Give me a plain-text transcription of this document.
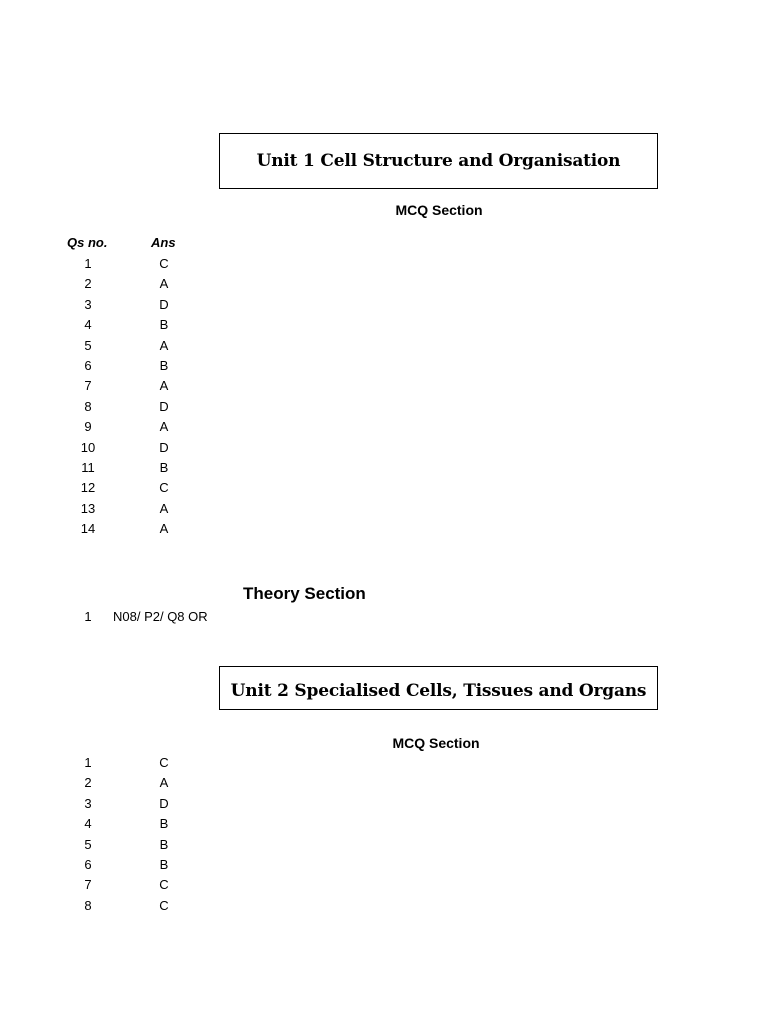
Unit 1 Cell Structure and Organisation
MCQ Section
Qs no.	Ans
1	C
2	A
3	D
4	B
5	A
6	B
7	A
8	D
9	A
10	D
11	B
12	C
13	A
14	A
Theory Section
1	N08/ P2/ Q8 OR
Unit 2 Specialised Cells, Tissues and Organs
MCQ Section
1	C
2	A
3	D
4	B
5	B
6	B
7	C
8	C
